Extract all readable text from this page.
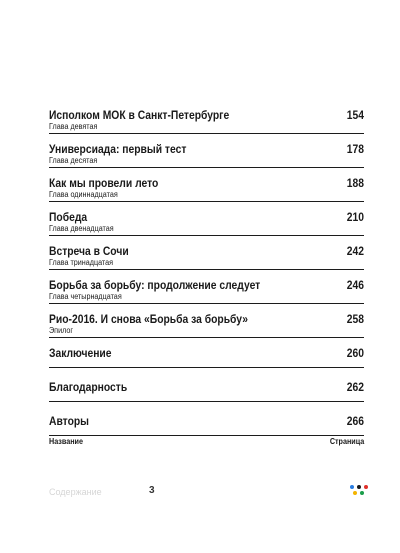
Исполком МОК в Санкт-Петербурге
Глава девятая
154
Универсиада: первый тест
Глава десятая
178
Как мы провели лето
Глава одиннадцатая
188
Победа
Глава двенадцатая
210
Встреча в Сочи
Глава тринадцатая
242
Борьба за борьбу: продолжение следует
Глава четырнадцатая
246
Рио-2016. И снова «Борьба за борьбу»
Эпилог
258
Заключение	260
Благодарность	262
Авторы	266
Название	Страница
Содержание	3
